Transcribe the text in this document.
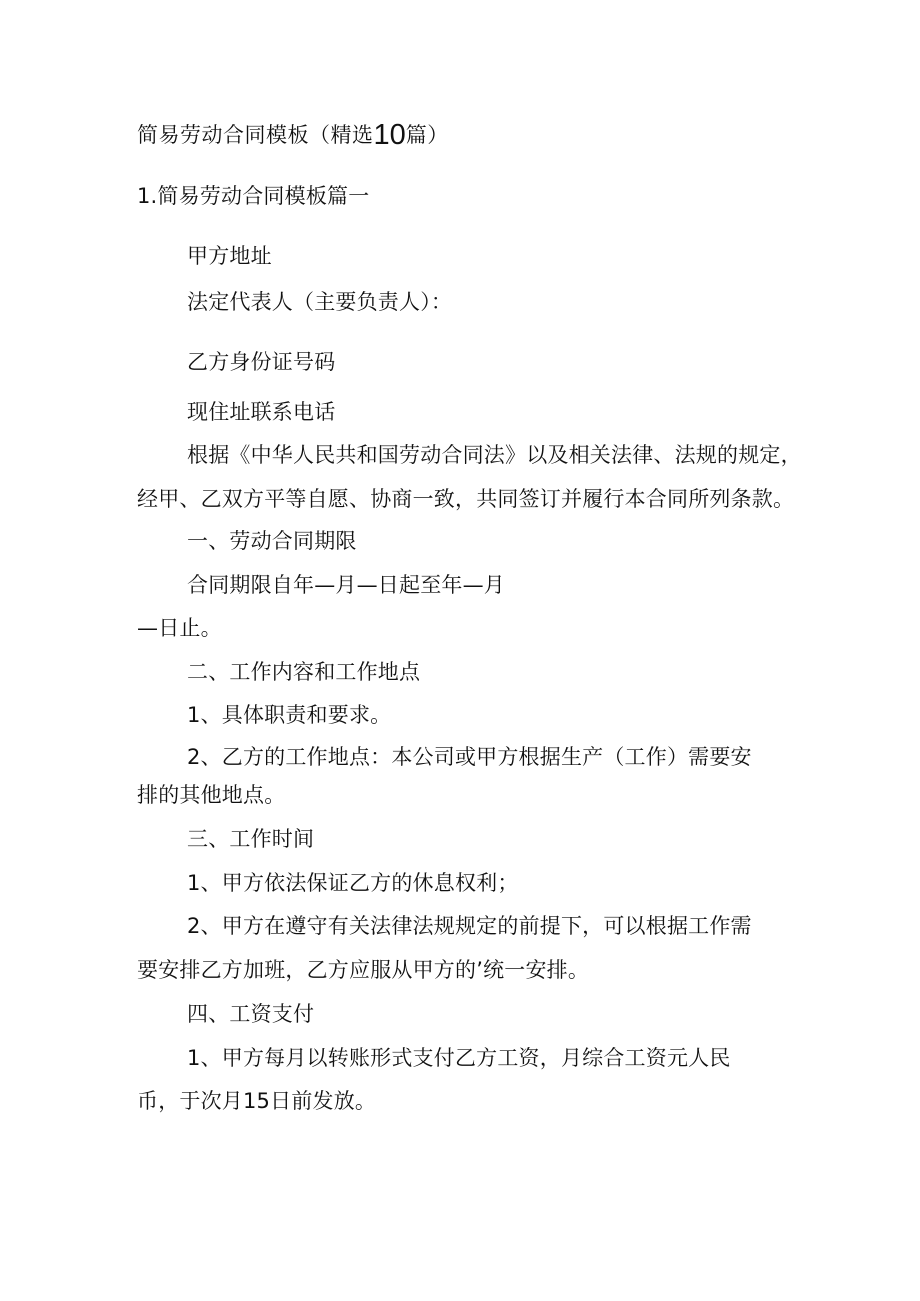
简易劳动合同模板（精选10篇）
1.简易劳动合同模板篇一
甲方地址
法定代表人（主要负责人）：
乙方身份证号码
现住址联系电话
根据《中华人民共和国劳动合同法》以及相关法律、法规的规定，
经甲、乙双方平等自愿、协商一致，共同签订并履行本合同所列条款。
一、劳动合同期限
合同期限自年—月—日起至年—月
—日止。
二、工作内容和工作地点
1、具体职责和要求。
2、乙方的工作地点：本公司或甲方根据生产（工作）需要安
排的其他地点。
三、工作时间
1、甲方依法保证乙方的休息权利；
2、甲方在遵守有关法律法规规定的前提下，可以根据工作需
要安排乙方加班，乙方应服从甲方的’统一安排。
四、工资支付
1、甲方每月以转账形式支付乙方工资，月综合工资元人民
币，于次月15日前发放。
